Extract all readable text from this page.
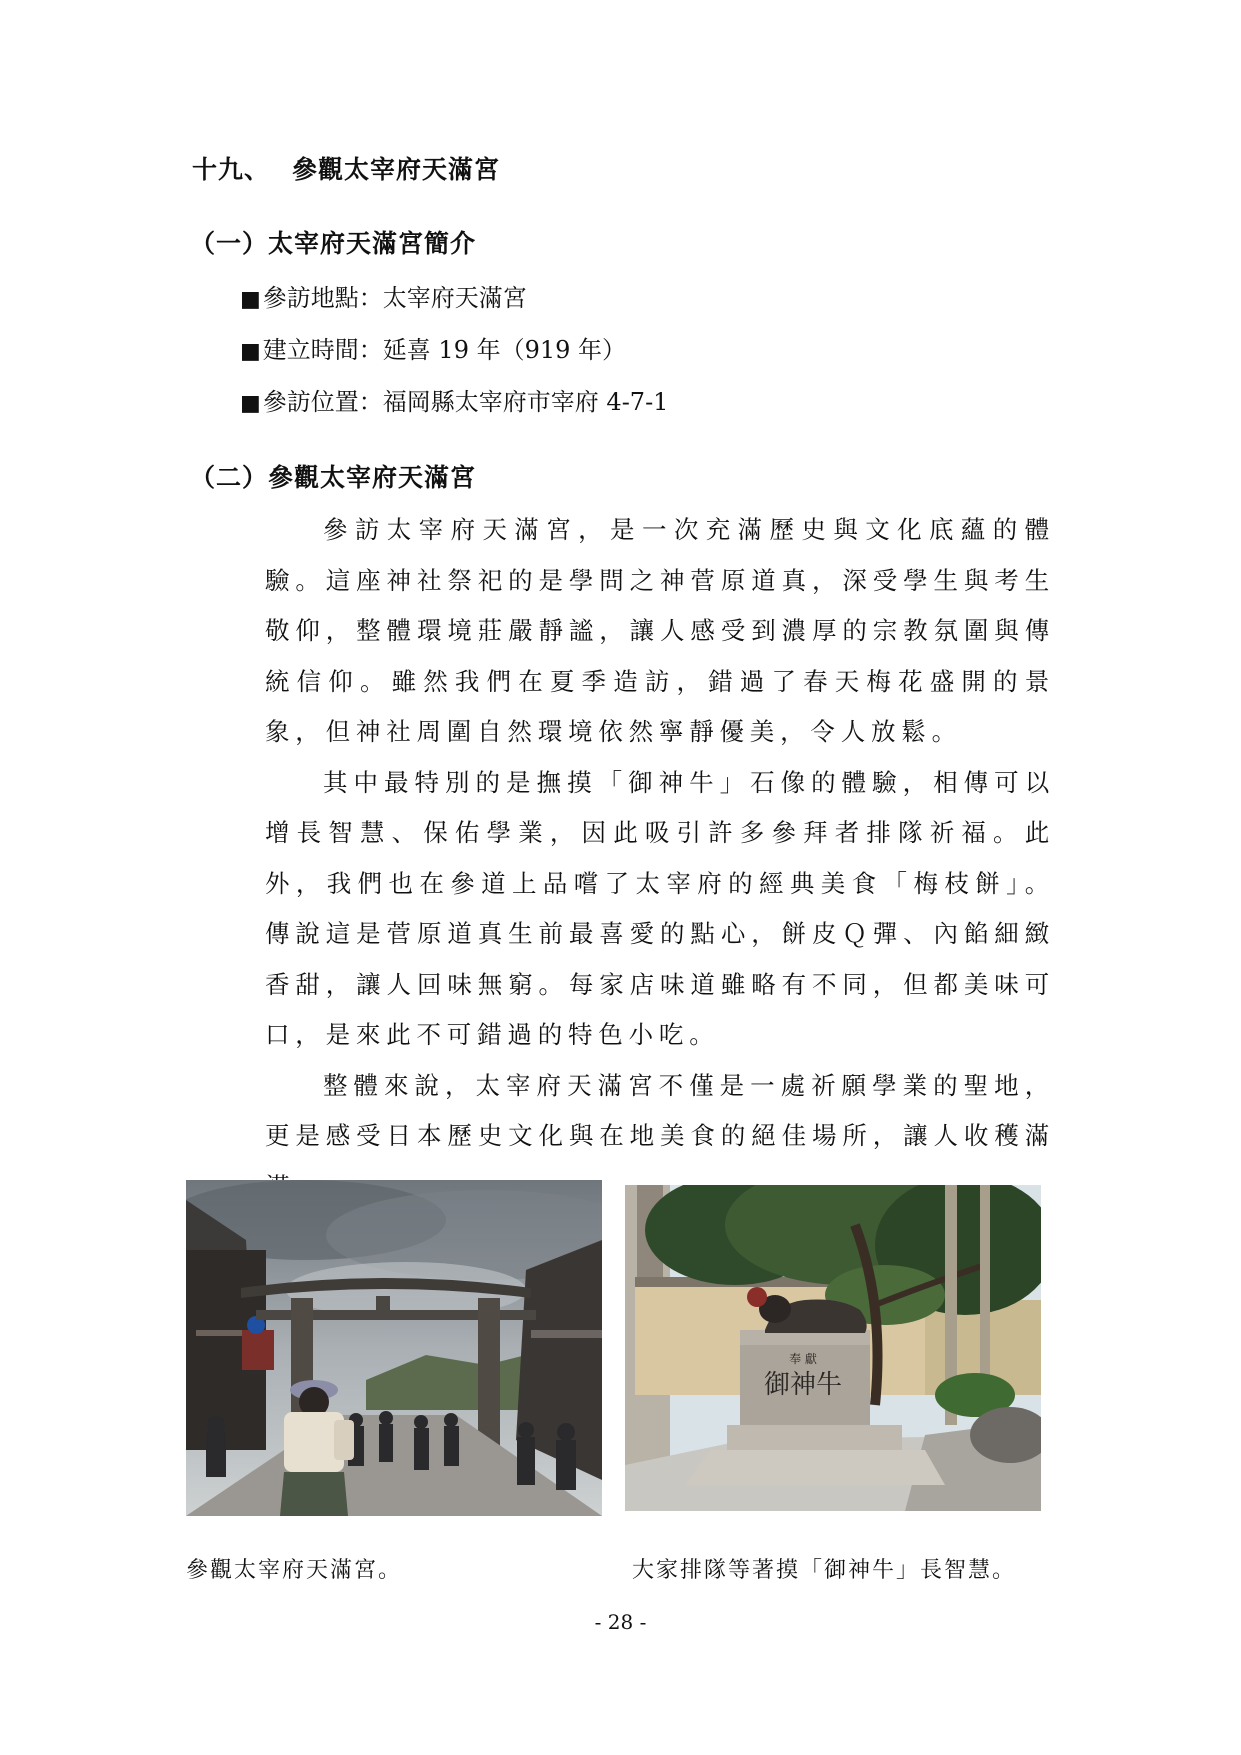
十九、 參觀太宰府天滿宮
（一）太宰府天滿宮簡介
■參訪地點：太宰府天滿宮
■建立時間：延喜 19 年（919 年）
■參訪位置：福岡縣太宰府市宰府 4-7-1
（二）參觀太宰府天滿宮

參訪太宰府天滿宮，是一次充滿歷史與文化底蘊的體驗。這座神社祭祀的是學問之神菅原道真，深受學生與考生敬仰，整體環境莊嚴靜謐，讓人感受到濃厚的宗教氛圍與傳統信仰。雖然我們在夏季造訪，錯過了春天梅花盛開的景象，但神社周圍自然環境依然寧靜優美，令人放鬆。

其中最特別的是撫摸「御神牛」石像的體驗，相傳可以增長智慧、保佑學業，因此吸引許多參拜者排隊祈福。此外，我們也在參道上品嚐了太宰府的經典美食「梅枝餅」。傳說這是菅原道真生前最喜愛的點心，餅皮Ｑ彈、內餡細緻香甜，讓人回味無窮。每家店味道雖略有不同，但都美味可口，是來此不可錯過的特色小吃。

整體來說，太宰府天滿宮不僅是一處祈願學業的聖地，更是感受日本歷史文化與在地美食的絕佳場所，讓人收穫滿

御神牛
奉 獻
參觀太宰府天滿宮。	大家排隊等著摸「御神牛」長智慧。
- 28 -
